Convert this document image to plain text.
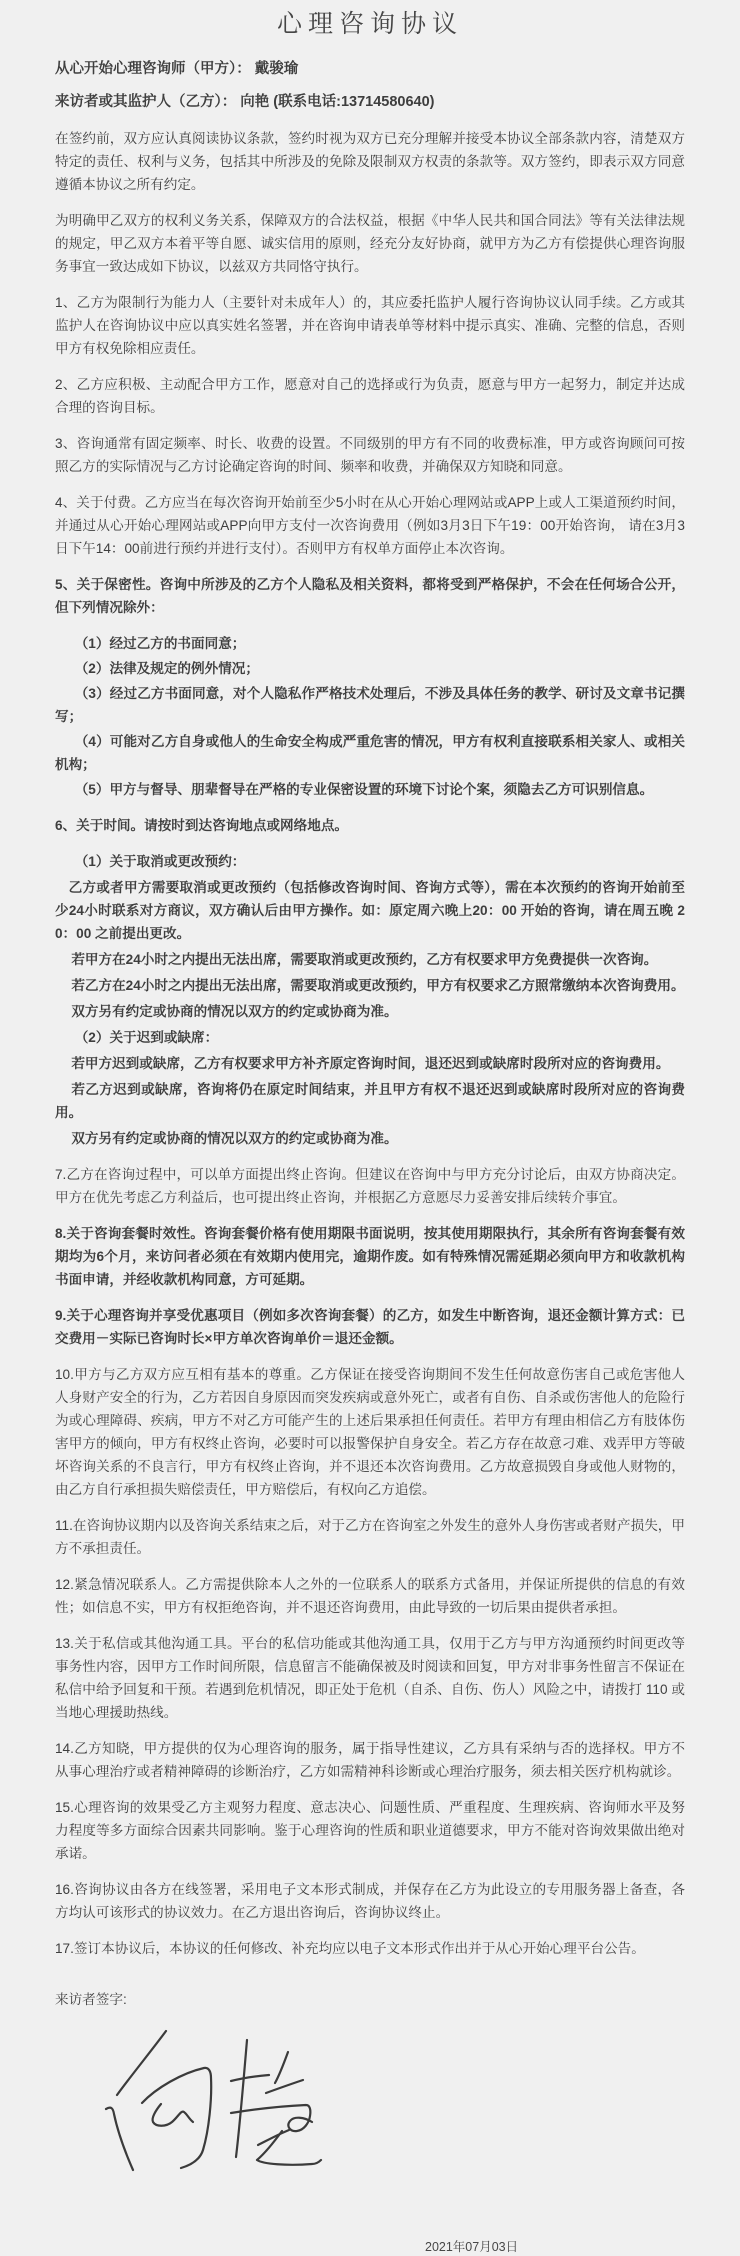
心理咨询协议

从心开始心理咨询师（甲方）： 戴骏瑜

来访者或其监护人（乙方）： 向艳 (联系电话:13714580640)

在签约前，双方应认真阅读协议条款，签约时视为双方已充分理解并接受本协议全部条款内容，清楚双方特定的责任、权利与义务，包括其中所涉及的免除及限制双方权责的条款等。双方签约，即表示双方同意遵循本协议之所有约定。

为明确甲乙双方的权利义务关系，保障双方的合法权益，根据《中华人民共和国合同法》等有关法律法规的规定，甲乙双方本着平等自愿、诚实信用的原则，经充分友好协商，就甲方为乙方有偿提供心理咨询服务事宜一致达成如下协议，以兹双方共同恪守执行。

1、乙方为限制行为能力人（主要针对未成年人）的，其应委托监护人履行咨询协议认同手续。乙方或其监护人在咨询协议中应以真实姓名签署，并在咨询申请表单等材料中提示真实、准确、完整的信息，否则甲方有权免除相应责任。

2、乙方应积极、主动配合甲方工作，愿意对自己的选择或行为负责，愿意与甲方一起努力，制定并达成合理的咨询目标。

3、咨询通常有固定频率、时长、收费的设置。不同级别的甲方有不同的收费标准，甲方或咨询顾问可按照乙方的实际情况与乙方讨论确定咨询的时间、频率和收费，并确保双方知晓和同意。

4、关于付费。乙方应当在每次咨询开始前至少5小时在从心开始心理网站或APP上或人工渠道预约时间，并通过从心开始心理网站或APP向甲方支付一次咨询费用（例如3月3日下午19：00开始咨询， 请在3月3日下午14：00前进行预约并进行支付）。否则甲方有权单方面停止本次咨询。

5、关于保密性。咨询中所涉及的乙方个人隐私及相关资料，都将受到严格保护，不会在任何场合公开，但下列情况除外：

（1）经过乙方的书面同意；

（2）法律及规定的例外情况；

（3）经过乙方书面同意，对个人隐私作严格技术处理后，不涉及具体任务的教学、研讨及文章书记撰写；

（4）可能对乙方自身或他人的生命安全构成严重危害的情况，甲方有权利直接联系相关家人、或相关机构；

（5）甲方与督导、朋辈督导在严格的专业保密设置的环境下讨论个案，须隐去乙方可识别信息。

6、关于时间。请按时到达咨询地点或网络地点。

（1）关于取消或更改预约：

乙方或者甲方需要取消或更改预约（包括修改咨询时间、咨询方式等），需在本次预约的咨询开始前至少24小时联系对方商议，双方确认后由甲方操作。如：原定周六晚上20：00 开始的咨询，请在周五晚 20：00 之前提出更改。

若甲方在24小时之内提出无法出席，需要取消或更改预约，乙方有权要求甲方免费提供一次咨询。

若乙方在24小时之内提出无法出席，需要取消或更改预约，甲方有权要求乙方照常缴纳本次咨询费用。

双方另有约定或协商的情况以双方的约定或协商为准。

（2）关于迟到或缺席：

若甲方迟到或缺席，乙方有权要求甲方补齐原定咨询时间，退还迟到或缺席时段所对应的咨询费用。

若乙方迟到或缺席，咨询将仍在原定时间结束，并且甲方有权不退还迟到或缺席时段所对应的咨询费用。

双方另有约定或协商的情况以双方的约定或协商为准。

7.乙方在咨询过程中，可以单方面提出终止咨询。但建议在咨询中与甲方充分讨论后，由双方协商决定。甲方在优先考虑乙方利益后，也可提出终止咨询，并根据乙方意愿尽力妥善安排后续转介事宜。

8.关于咨询套餐时效性。咨询套餐价格有使用期限书面说明，按其使用期限执行，其余所有咨询套餐有效期均为6个月，来访问者必须在有效期内使用完，逾期作废。如有特殊情况需延期必须向甲方和收款机构书面申请，并经收款机构同意，方可延期。

9.关于心理咨询并享受优惠项目（例如多次咨询套餐）的乙方，如发生中断咨询，退还金额计算方式：已交费用－实际已咨询时长×甲方单次咨询单价＝退还金额。

10.甲方与乙方双方应互相有基本的尊重。乙方保证在接受咨询期间不发生任何故意伤害自己或危害他人人身财产安全的行为，乙方若因自身原因而突发疾病或意外死亡，或者有自伤、自杀或伤害他人的危险行为或心理障碍、疾病，甲方不对乙方可能产生的上述后果承担任何责任。若甲方有理由相信乙方有肢体伤害甲方的倾向，甲方有权终止咨询，必要时可以报警保护自身安全。若乙方存在故意刁难、戏弄甲方等破坏咨询关系的不良言行，甲方有权终止咨询，并不退还本次咨询费用。乙方故意损毁自身或他人财物的，由乙方自行承担损失赔偿责任，甲方赔偿后，有权向乙方追偿。

11.在咨询协议期内以及咨询关系结束之后，对于乙方在咨询室之外发生的意外人身伤害或者财产损失，甲方不承担责任。

12.紧急情况联系人。乙方需提供除本人之外的一位联系人的联系方式备用，并保证所提供的信息的有效性；如信息不实，甲方有权拒绝咨询，并不退还咨询费用，由此导致的一切后果由提供者承担。

13.关于私信或其他沟通工具。平台的私信功能或其他沟通工具，仅用于乙方与甲方沟通预约时间更改等事务性内容，因甲方工作时间所限，信息留言不能确保被及时阅读和回复，甲方对非事务性留言不保证在私信中给予回复和干预。若遇到危机情况，即正处于危机（自杀、自伤、伤人）风险之中，请拨打 110 或当地心理援助热线。

14.乙方知晓，甲方提供的仅为心理咨询的服务，属于指导性建议，乙方具有采纳与否的选择权。甲方不从事心理治疗或者精神障碍的诊断治疗，乙方如需精神科诊断或心理治疗服务，须去相关医疗机构就诊。

15.心理咨询的效果受乙方主观努力程度、意志决心、问题性质、严重程度、生理疾病、咨询师水平及努力程度等多方面综合因素共同影响。鉴于心理咨询的性质和职业道德要求，甲方不能对咨询效果做出绝对承诺。

16.咨询协议由各方在线签署，采用电子文本形式制成，并保存在乙方为此设立的专用服务器上备查，各方均认可该形式的协议效力。在乙方退出咨询后，咨询协议终止。

17.签订本协议后，本协议的任何修改、补充均应以电子文本形式作出并于从心开始心理平台公告。

来访者签字:

2021年07月03日
